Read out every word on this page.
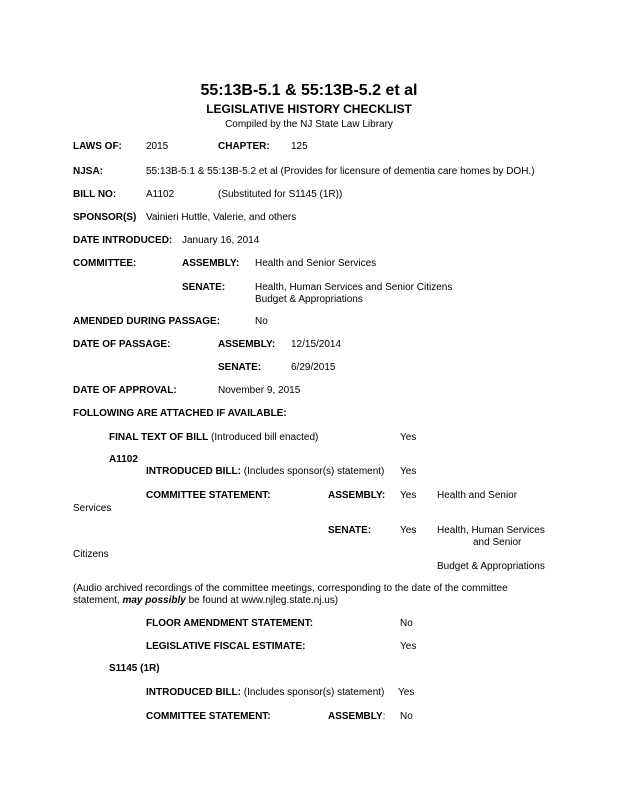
55:13B-5.1 & 55:13B-5.2 et al
LEGISLATIVE HISTORY CHECKLIST
Compiled by the NJ State Law Library
LAWS OF: 2015	CHAPTER: 125
NJSA:	55:13B-5.1 & 55:13B-5.2 et al (Provides for licensure of dementia care homes by DOH.)
BILL NO:	A1102	(Substituted for S1145 (1R))
SPONSOR(S) Vainieri Huttle, Valerie, and others
DATE INTRODUCED: January 16, 2014
COMMITTEE:	ASSEMBLY: Health and Senior Services
SENATE:	Health, Human Services and Senior Citizens
Budget & Appropriations
AMENDED DURING PASSAGE:	No
DATE OF PASSAGE:	ASSEMBLY: 12/15/2014
SENATE:	6/29/2015
DATE OF APPROVAL:	November 9, 2015
FOLLOWING ARE ATTACHED IF AVAILABLE:
FINAL TEXT OF BILL (Introduced bill enacted)	Yes
A1102
INTRODUCED BILL: (Includes sponsor(s) statement) Yes
COMMITTEE STATEMENT:	ASSEMBLY: Yes Health and Senior
Services
SENATE:	Yes Health, Human Services
and Senior
Citizens
Budget & Appropriations
(Audio archived recordings of the committee meetings, corresponding to the date of the committee statement, may possibly be found at www.njleg.state.nj.us)
FLOOR AMENDMENT STATEMENT:	No
LEGISLATIVE FISCAL ESTIMATE:	Yes
S1145 (1R)
INTRODUCED BILL: (Includes sponsor(s) statement) Yes
COMMITTEE STATEMENT:	ASSEMBLY: No
